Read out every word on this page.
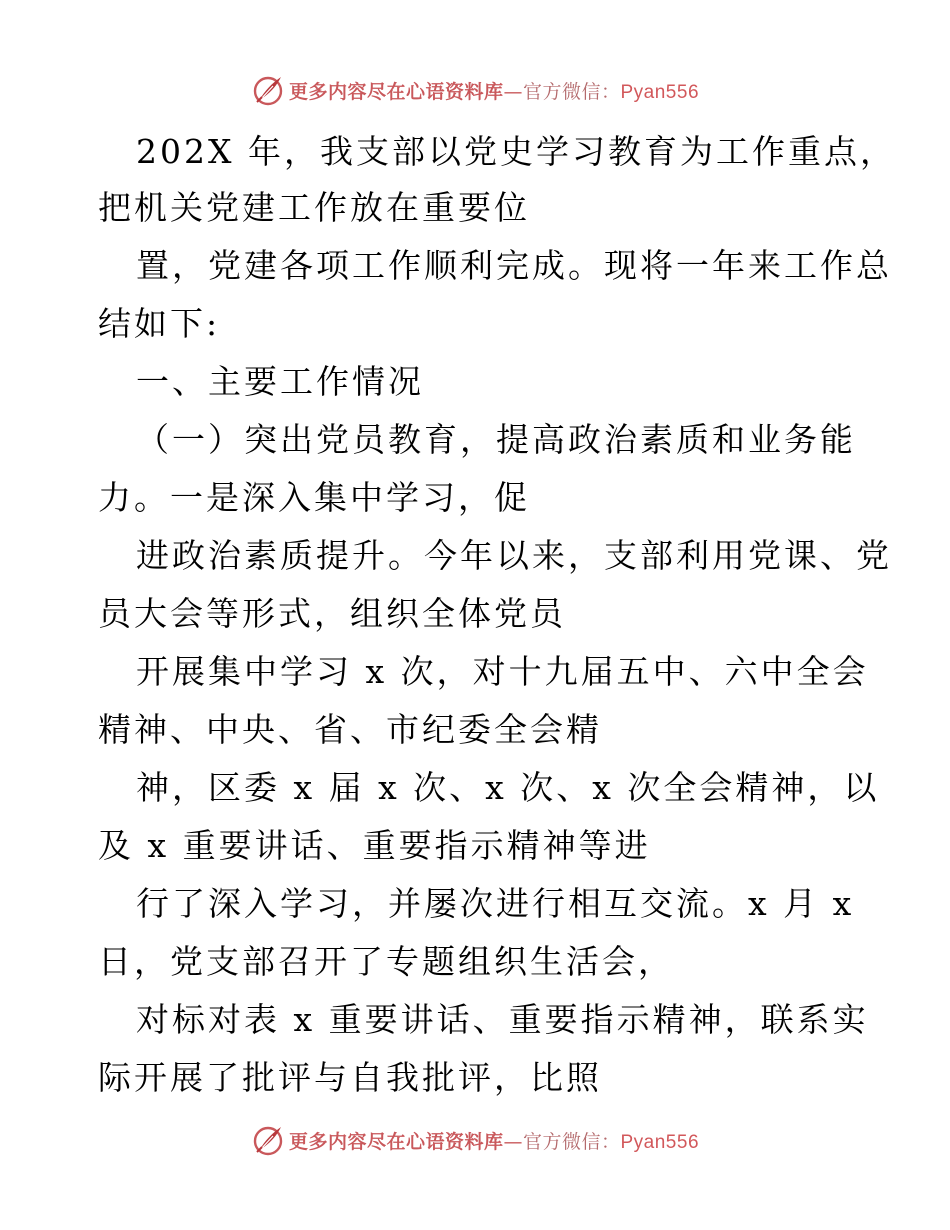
更多内容尽在心语资料库—官方微信：Pyan556
202X 年，我支部以党史学习教育为工作重点，
把机关党建工作放在重要位
置，党建各项工作顺利完成。现将一年来工作总
结如下:
一、主要工作情况
（一）突出党员教育，提高政治素质和业务能
力。一是深入集中学习，促
进政治素质提升。今年以来，支部利用党课、党
员大会等形式，组织全体党员
开展集中学习 x 次，对十九届五中、六中全会
精神、中央、省、市纪委全会精
神，区委 x 届 x 次、x 次、x 次全会精神，以
及 x 重要讲话、重要指示精神等进
行了深入学习，并屡次进行相互交流。x 月 x
日，党支部召开了专题组织生活会，
对标对表 x 重要讲话、重要指示精神，联系实
际开展了批评与自我批评，比照
更多内容尽在心语资料库—官方微信：Pyan556
